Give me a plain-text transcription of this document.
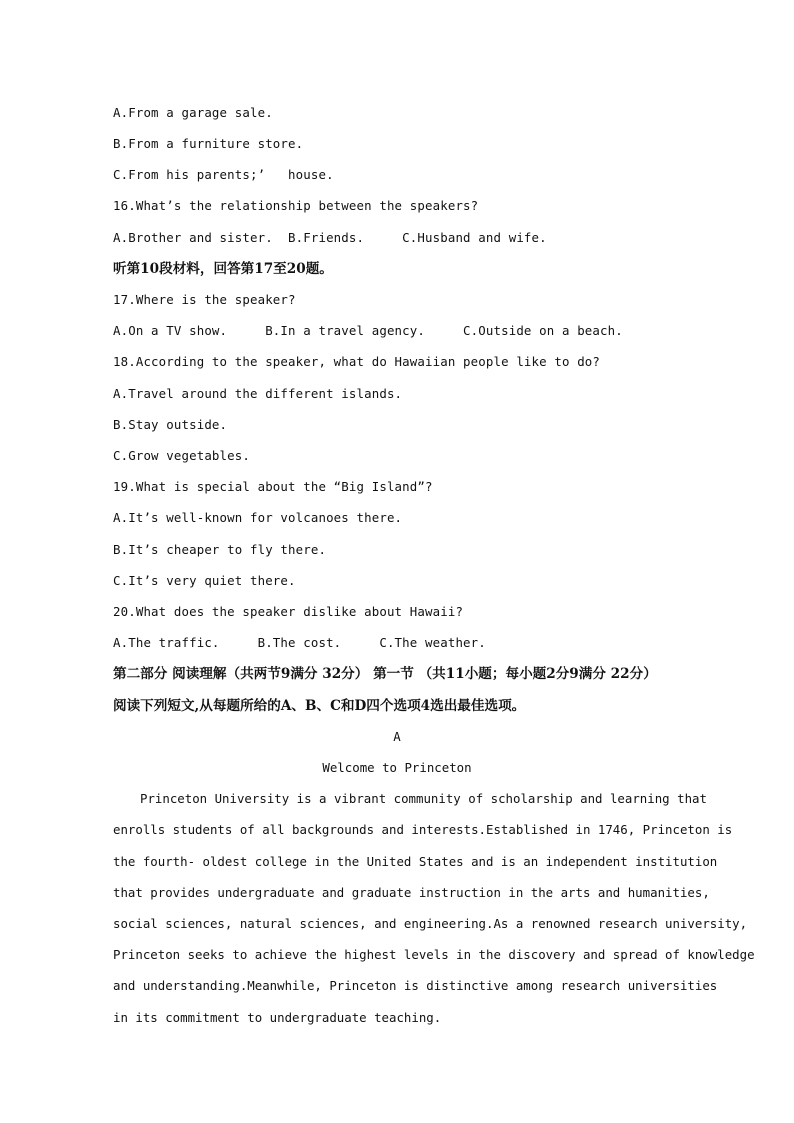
A.From a garage sale.
B.From a furniture store.
C.From his parents;’   house.
16.What’s the relationship between the speakers?
A.Brother and sister.  B.Friends.     C.Husband and wife.
听第10段材料，回答第17至20题。
17.Where is the speaker?
A.On a TV show.     B.In a travel agency.     C.Outside on a beach.
18.According to the speaker, what do Hawaiian people like to do?
A.Travel around the different islands.
B.Stay outside.
C.Grow vegetables.
19.What is special about the “Big Island”?
A.It’s well-known for volcanoes there.
B.It’s cheaper to fly there.
C.It’s very quiet there.
20.What does the speaker dislike about Hawaii?
A.The traffic.     B.The cost.     C.The weather.
第二部分 阅读理解（共两节9满分 32分） 第一节 （共11小题；每小题2分9满分 22分）
阅读下列短文,从每题所给的A、B、C和D四个选项4选出最佳选项。
A
Welcome to Princeton
Princeton University is a vibrant community of scholarship and learning that
enrolls students of all backgrounds and interests.Established in 1746, Princeton is
the fourth- oldest college in the United States and is an independent institution
that provides undergraduate and graduate instruction in the arts and humanities,
social sciences, natural sciences, and engineering.As a renowned research university,
Princeton seeks to achieve the highest levels in the discovery and spread of knowledge
and understanding.Meanwhile, Princeton is distinctive among research universities
in its commitment to undergraduate teaching.
